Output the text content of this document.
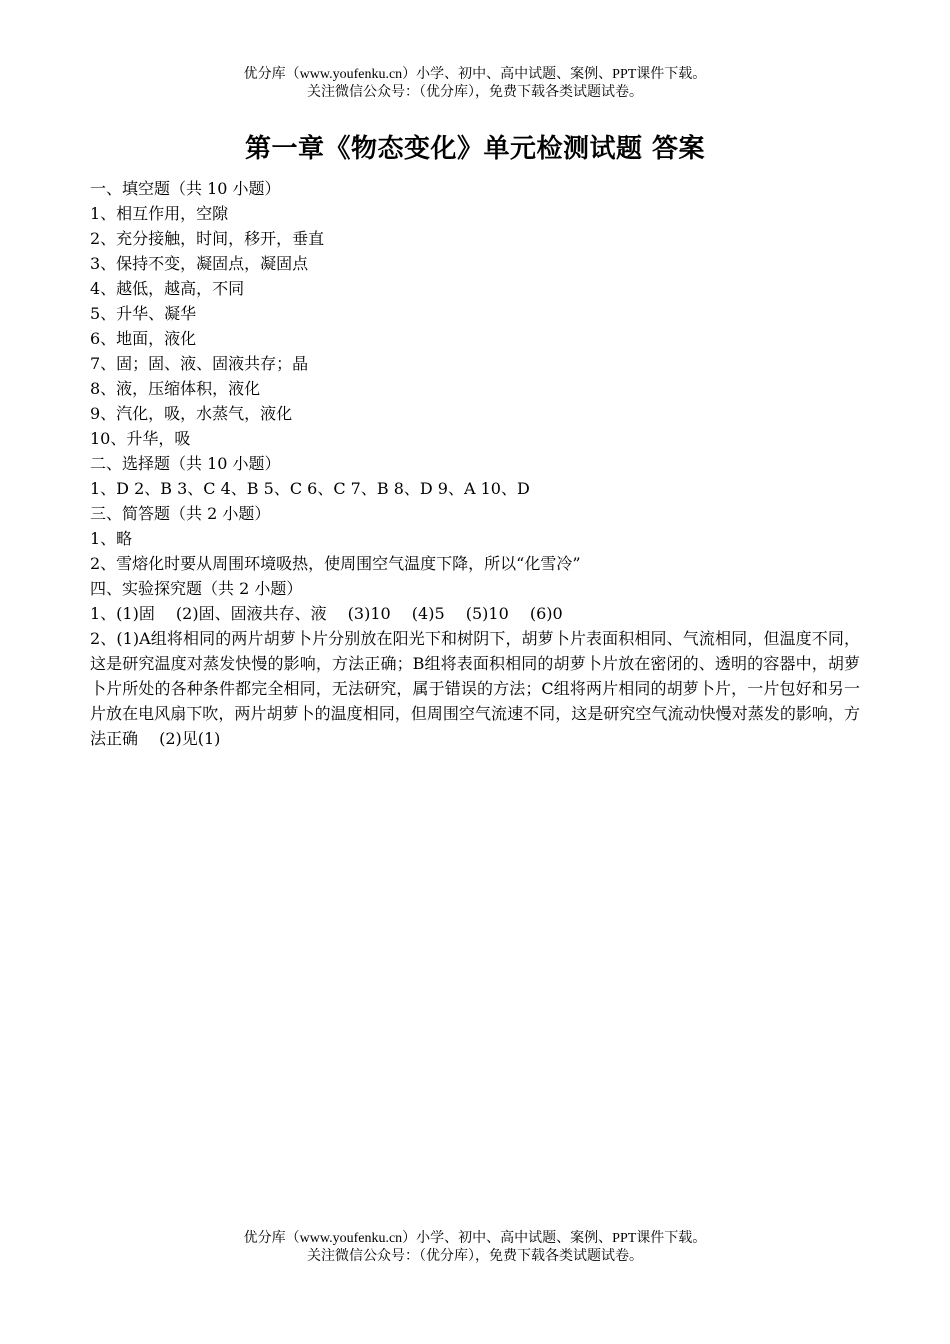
优分库（www.youfenku.cn）小学、初中、高中试题、案例、PPT课件下载。
关注微信公众号：（优分库），免费下载各类试题试卷。
第一章《物态变化》单元检测试题 答案
一、填空题（共 10 小题）
1、相互作用，空隙
2、充分接触，时间，移开，垂直
3、保持不变，凝固点，凝固点
4、越低，越高，不同
5、升华、凝华
6、地面，液化
7、固；固、液、固液共存；晶
8、液，压缩体积，液化
9、汽化，吸，水蒸气，液化
10、升华，吸
二、选择题（共 10 小题）
1、D 2、B 3、C 4、B 5、C 6、C 7、B 8、D 9、A 10、D
三、简答题（共 2 小题）
1、略
2、雪熔化时要从周围环境吸热，使周围空气温度下降，所以“化雪冷”
四、实验探究题（共 2 小题）
1、(1)固　 (2)固、固液共存、液　 (3)10　 (4)5　 (5)10　 (6)0
2、(1)A组将相同的两片胡萝卜片分别放在阳光下和树阴下，胡萝卜片表面积相同、气流相同，但温度不同，这是研究温度对蒸发快慢的影响，方法正确；B组将表面积相同的胡萝卜片放在密闭的、透明的容器中，胡萝卜片所处的各种条件都完全相同，无法研究，属于错误的方法；C组将两片相同的胡萝卜片，一片包好和另一片放在电风扇下吹，两片胡萝卜的温度相同，但周围空气流速不同，这是研究空气流动快慢对蒸发的影响，方法正确　 (2)见(1)
优分库（www.youfenku.cn）小学、初中、高中试题、案例、PPT课件下载。
关注微信公众号：（优分库），免费下载各类试题试卷。
